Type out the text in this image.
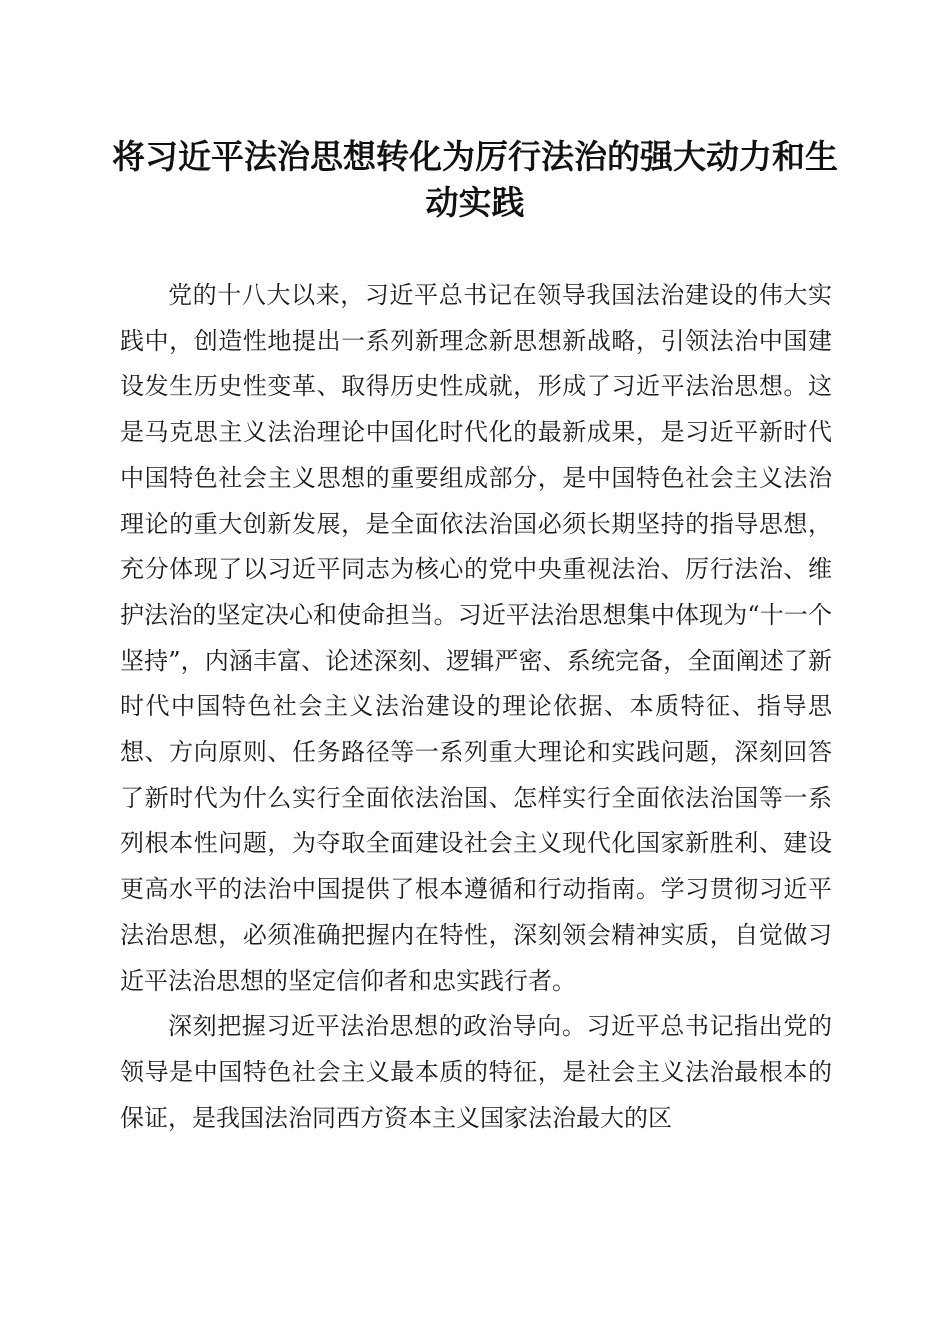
将习近平法治思想转化为厉行法治的强大动力和生动实践

党的十八大以来，习近平总书记在领导我国法治建设的伟大实践中，创造性地提出一系列新理念新思想新战略，引领法治中国建设发生历史性变革、取得历史性成就，形成了习近平法治思想。这是马克思主义法治理论中国化时代化的最新成果，是习近平新时代中国特色社会主义思想的重要组成部分，是中国特色社会主义法治理论的重大创新发展，是全面依法治国必须长期坚持的指导思想，充分体现了以习近平同志为核心的党中央重视法治、厉行法治、维护法治的坚定决心和使命担当。习近平法治思想集中体现为“十一个坚持”，内涵丰富、论述深刻、逻辑严密、系统完备，全面阐述了新时代中国特色社会主义法治建设的理论依据、本质特征、指导思想、方向原则、任务路径等一系列重大理论和实践问题，深刻回答了新时代为什么实行全面依法治国、怎样实行全面依法治国等一系列根本性问题，为夺取全面建设社会主义现代化国家新胜利、建设更高水平的法治中国提供了根本遵循和行动指南。学习贯彻习近平法治思想，必须准确把握内在特性，深刻领会精神实质，自觉做习近平法治思想的坚定信仰者和忠实践行者。

深刻把握习近平法治思想的政治导向。习近平总书记指出党的领导是中国特色社会主义最本质的特征，是社会主义法治最根本的保证，是我国法治同西方资本主义国家法治最大的区
